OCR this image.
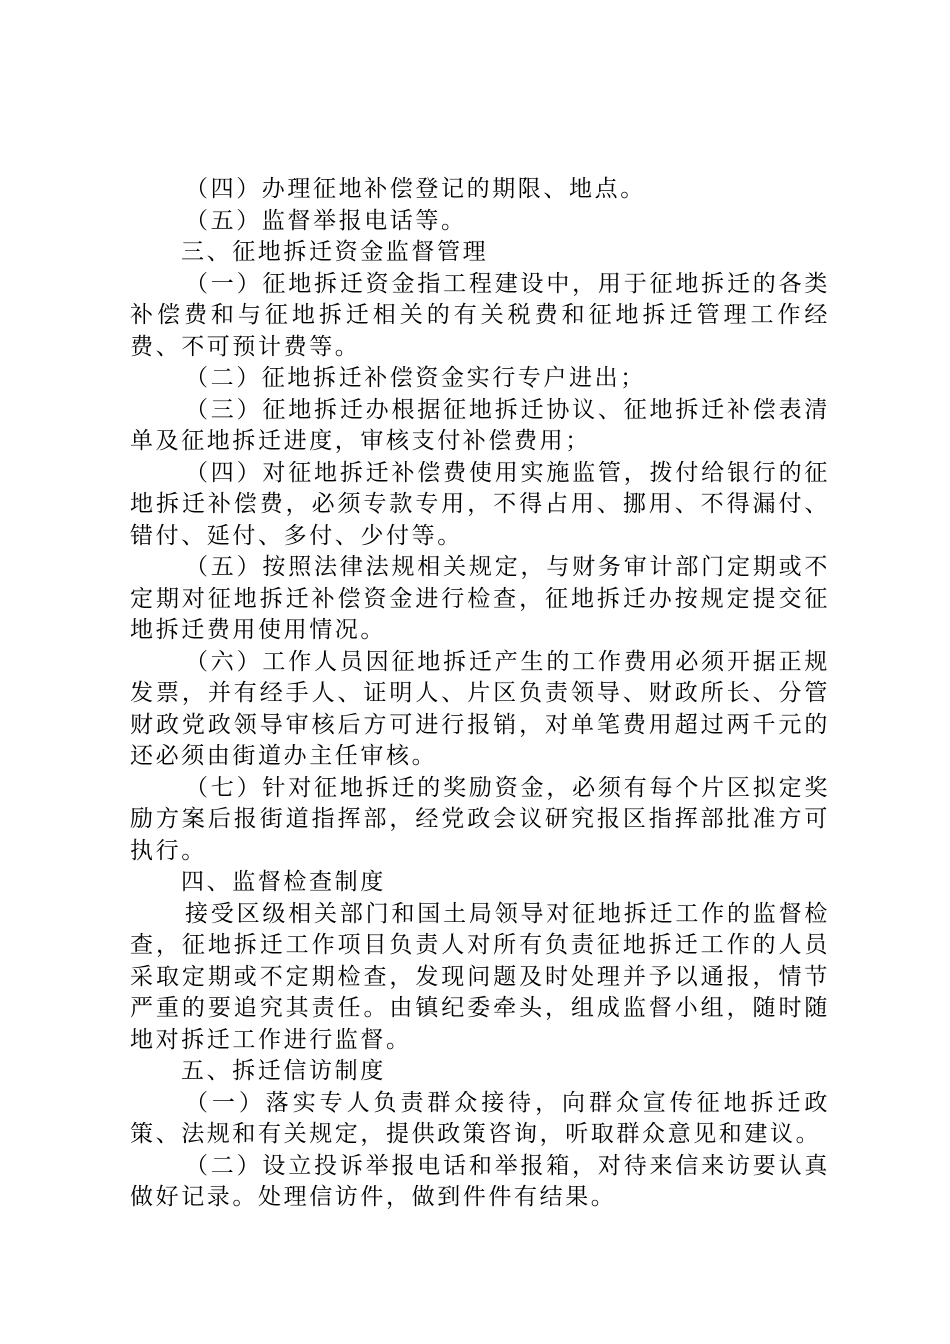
（四）办理征地补偿登记的期限、地点。

（五）监督举报电话等。

三、征地拆迁资金监督管理

（一）征地拆迁资金指工程建设中，用于征地拆迁的各类补偿费和与征地拆迁相关的有关税费和征地拆迁管理工作经费、不可预计费等。

（二）征地拆迁补偿资金实行专户进出；

（三）征地拆迁办根据征地拆迁协议、征地拆迁补偿表清单及征地拆迁进度，审核支付补偿费用；

（四）对征地拆迁补偿费使用实施监管，拨付给银行的征地拆迁补偿费，必须专款专用，不得占用、挪用、不得漏付、错付、延付、多付、少付等。

（五）按照法律法规相关规定，与财务审计部门定期或不定期对征地拆迁补偿资金进行检查，征地拆迁办按规定提交征地拆迁费用使用情况。

（六）工作人员因征地拆迁产生的工作费用必须开据正规发票，并有经手人、证明人、片区负责领导、财政所长、分管财政党政领导审核后方可进行报销，对单笔费用超过两千元的还必须由街道办主任审核。

（七）针对征地拆迁的奖励资金，必须有每个片区拟定奖励方案后报街道指挥部，经党政会议研究报区指挥部批准方可执行。

四、监督检查制度

接受区级相关部门和国土局领导对征地拆迁工作的监督检查，征地拆迁工作项目负责人对所有负责征地拆迁工作的人员采取定期或不定期检查，发现问题及时处理并予以通报，情节严重的要追究其责任。由镇纪委牵头，组成监督小组，随时随地对拆迁工作进行监督。

五、拆迁信访制度

（一）落实专人负责群众接待，向群众宣传征地拆迁政策、法规和有关规定，提供政策咨询，听取群众意见和建议。

（二）设立投诉举报电话和举报箱，对待来信来访要认真做好记录。处理信访件，做到件件有结果。
